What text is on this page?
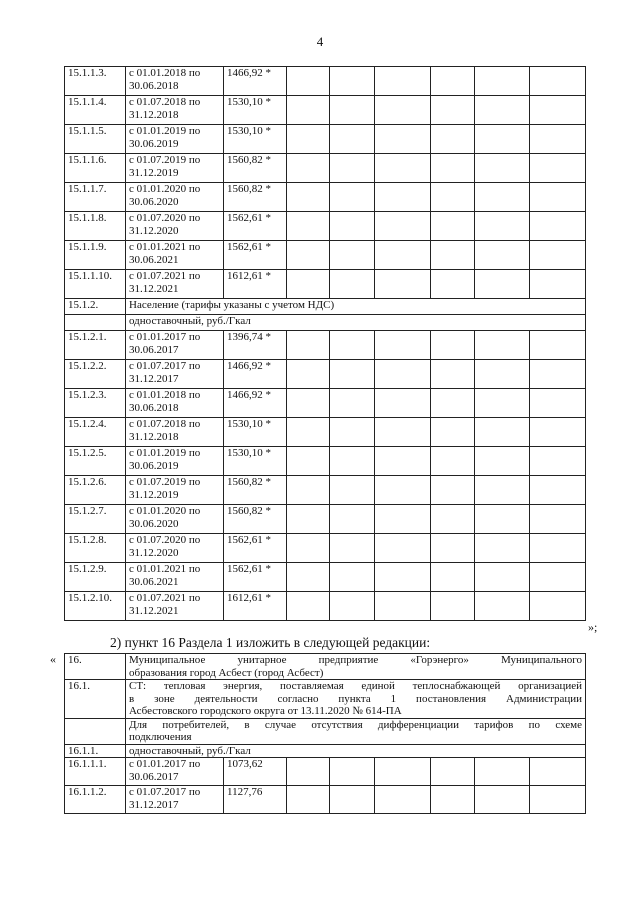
4
15.1.1.3.	с 01.01.2018 по
30.06.2018	1466,92 *						
15.1.1.4.	с 01.07.2018 по
31.12.2018	1530,10 *						
15.1.1.5.	с 01.01.2019 по
30.06.2019	1530,10 *						
15.1.1.6.	с 01.07.2019 по
31.12.2019	1560,82 *						
15.1.1.7.	с 01.01.2020 по
30.06.2020	1560,82 *						
15.1.1.8.	с 01.07.2020 по
31.12.2020	1562,61 *						
15.1.1.9.	с 01.01.2021 по
30.06.2021	1562,61 *						
15.1.1.10.	с 01.07.2021 по
31.12.2021	1612,61 *						
15.1.2.	Население (тарифы указаны с учетом НДС)							
	одноставочный, руб./Гкал							
15.1.2.1.	с 01.01.2017 по
30.06.2017	1396,74 *						
15.1.2.2.	с 01.07.2017 по
31.12.2017	1466,92 *						
15.1.2.3.	с 01.01.2018 по
30.06.2018	1466,92 *						
15.1.2.4.	с 01.07.2018 по
31.12.2018	1530,10 *						
15.1.2.5.	с 01.01.2019 по
30.06.2019	1530,10 *						
15.1.2.6.	с 01.07.2019 по
31.12.2019	1560,82 *						
15.1.2.7.	с 01.01.2020 по
30.06.2020	1560,82 *						
15.1.2.8.	с 01.07.2020 по
31.12.2020	1562,61 *						
15.1.2.9.	с 01.01.2021 по
30.06.2021	1562,61 *						
15.1.2.10.	с 01.07.2021 по
31.12.2021	1612,61 *						
»;
2) пункт 16 Раздела 1 изложить в следующей редакции:
« 16.	Муниципальное унитарное предприятие «Горэнерго» Муниципального
образования город Асбест (город Асбест)							

16.1.	СТ: тепловая энергия, поставляемая единой теплоснабжающей организацией
в зоне деятельности согласно пункта 1 постановления Администрации
Асбестовского городского округа от 13.11.2020 № 614-ПА							

	Для потребителей, в случае отсутствия дифференциации тарифов по схеме
подключения							

16.1.1.	одноставочный, руб./Гкал							
16.1.1.1.	с 01.01.2017 по
30.06.2017	1073,62						
16.1.1.2.	с 01.07.2017 по
31.12.2017	1127,76						
